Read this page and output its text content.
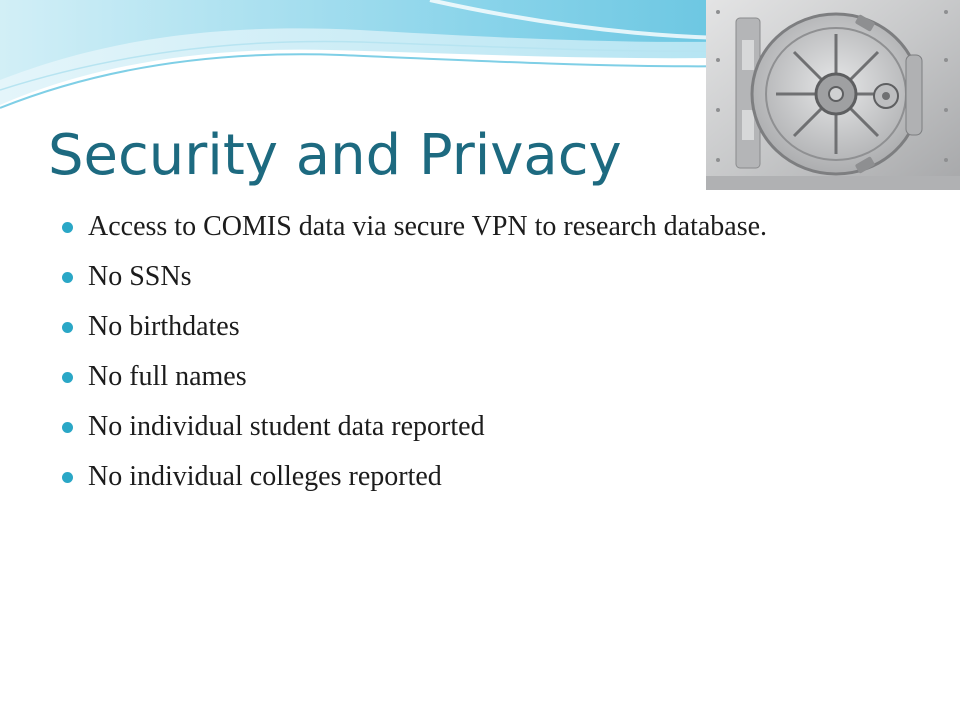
Security and Privacy
Access to COMIS data via secure VPN to research database.
No SSNs
No birthdates
No full names
No individual student data reported
No individual colleges reported
